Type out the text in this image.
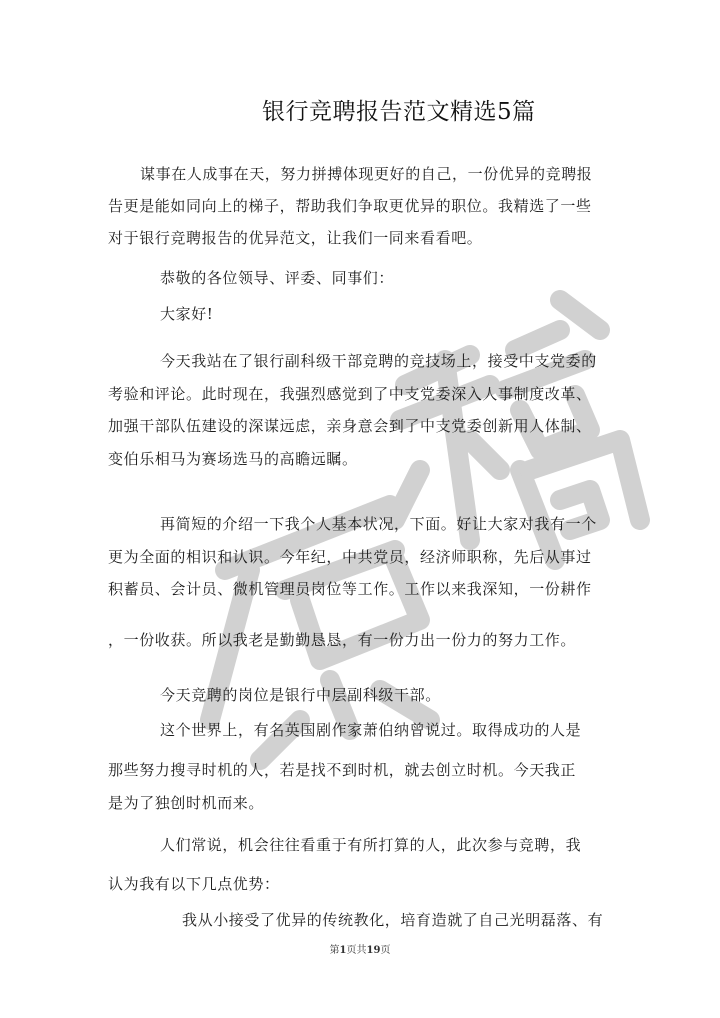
银行竞聘报告范文精选5篇
谋事在人成事在天，努力拼搏体现更好的自己，一份优异的竞聘报
告更是能如同向上的梯子，帮助我们争取更优异的职位。我精选了一些
对于银行竞聘报告的优异范文，让我们一同来看看吧。
恭敬的各位领导、评委、同事们：
大家好!
今天我站在了银行副科级干部竞聘的竞技场上，接受中支党委的
考验和评论。此时现在，我强烈感觉到了中支党委深入人事制度改革、
加强干部队伍建设的深谋远虑，亲身意会到了中支党委创新用人体制、
变伯乐相马为赛场选马的高瞻远瞩。
再简短的介绍一下我个人基本状况，下面。好让大家对我有一个
更为全面的相识和认识。今年纪，中共党员，经济师职称，先后从事过
积蓄员、会计员、微机管理员岗位等工作。工作以来我深知，一份耕作
，一份收获。所以我老是勤勤恳恳，有一份力出一份力的努力工作。
今天竞聘的岗位是银行中层副科级干部。
这个世界上，有名英国剧作家萧伯纳曾说过。取得成功的人是
那些努力搜寻时机的人，若是找不到时机，就去创立时机。今天我正
是为了独创时机而来。
人们常说，机会往往看重于有所打算的人，此次参与竞聘，我
认为我有以下几点优势：
我从小接受了优异的传统教化，培育造就了自己光明磊落、有
第1页共19页
